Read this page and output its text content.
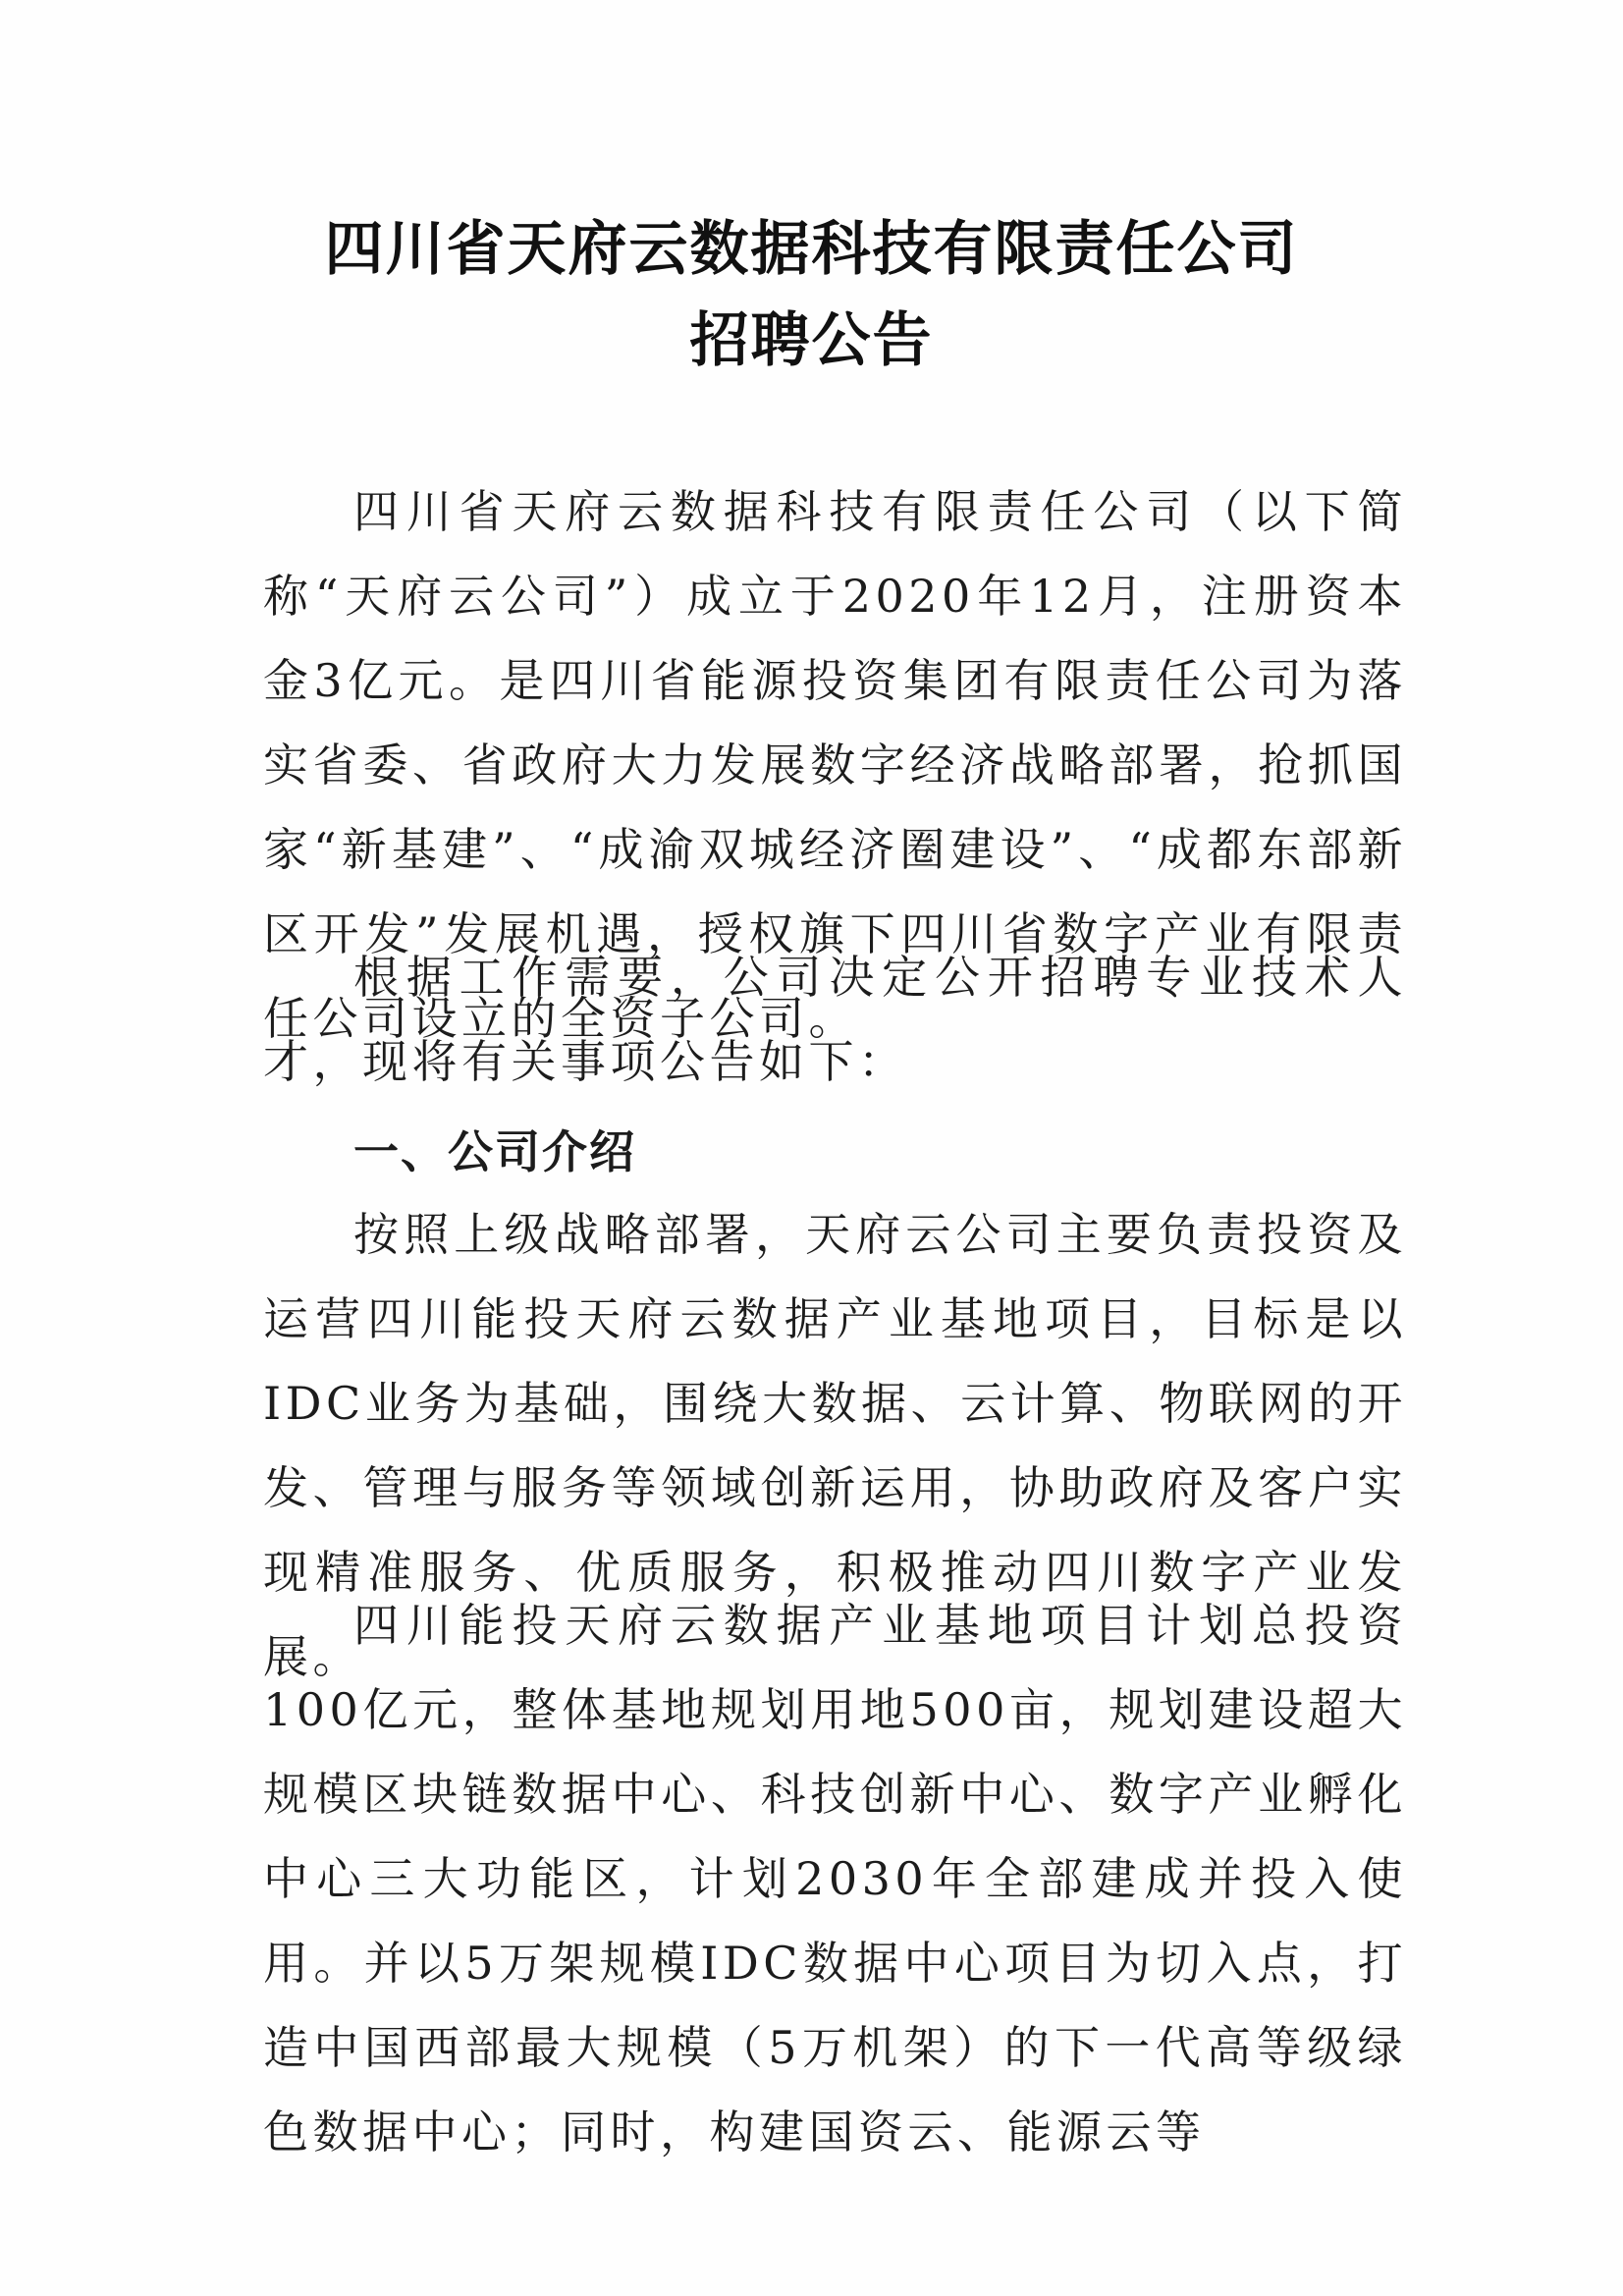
四川省天府云数据科技有限责任公司
招聘公告

四川省天府云数据科技有限责任公司（以下简称“天府云公司”）成立于2020年12月，注册资本金3亿元。是四川省能源投资集团有限责任公司为落实省委、省政府大力发展数字经济战略部署，抢抓国家“新基建”、“成渝双城经济圈建设”、“成都东部新区开发”发展机遇，授权旗下四川省数字产业有限责任公司设立的全资子公司。

根据工作需要，公司决定公开招聘专业技术人才，现将有关事项公告如下：

一、公司介绍

按照上级战略部署，天府云公司主要负责投资及运营四川能投天府云数据产业基地项目，目标是以IDC业务为基础，围绕大数据、云计算、物联网的开发、管理与服务等领域创新运用，协助政府及客户实现精准服务、优质服务，积极推动四川数字产业发展。

四川能投天府云数据产业基地项目计划总投资100亿元，整体基地规划用地500亩，规划建设超大规模区块链数据中心、科技创新中心、数字产业孵化中心三大功能区，计划2030年全部建成并投入使用。并以5万架规模IDC数据中心项目为切入点，打造中国西部最大规模（5万机架）的下一代高等级绿色数据中心；同时，构建国资云、能源云等
